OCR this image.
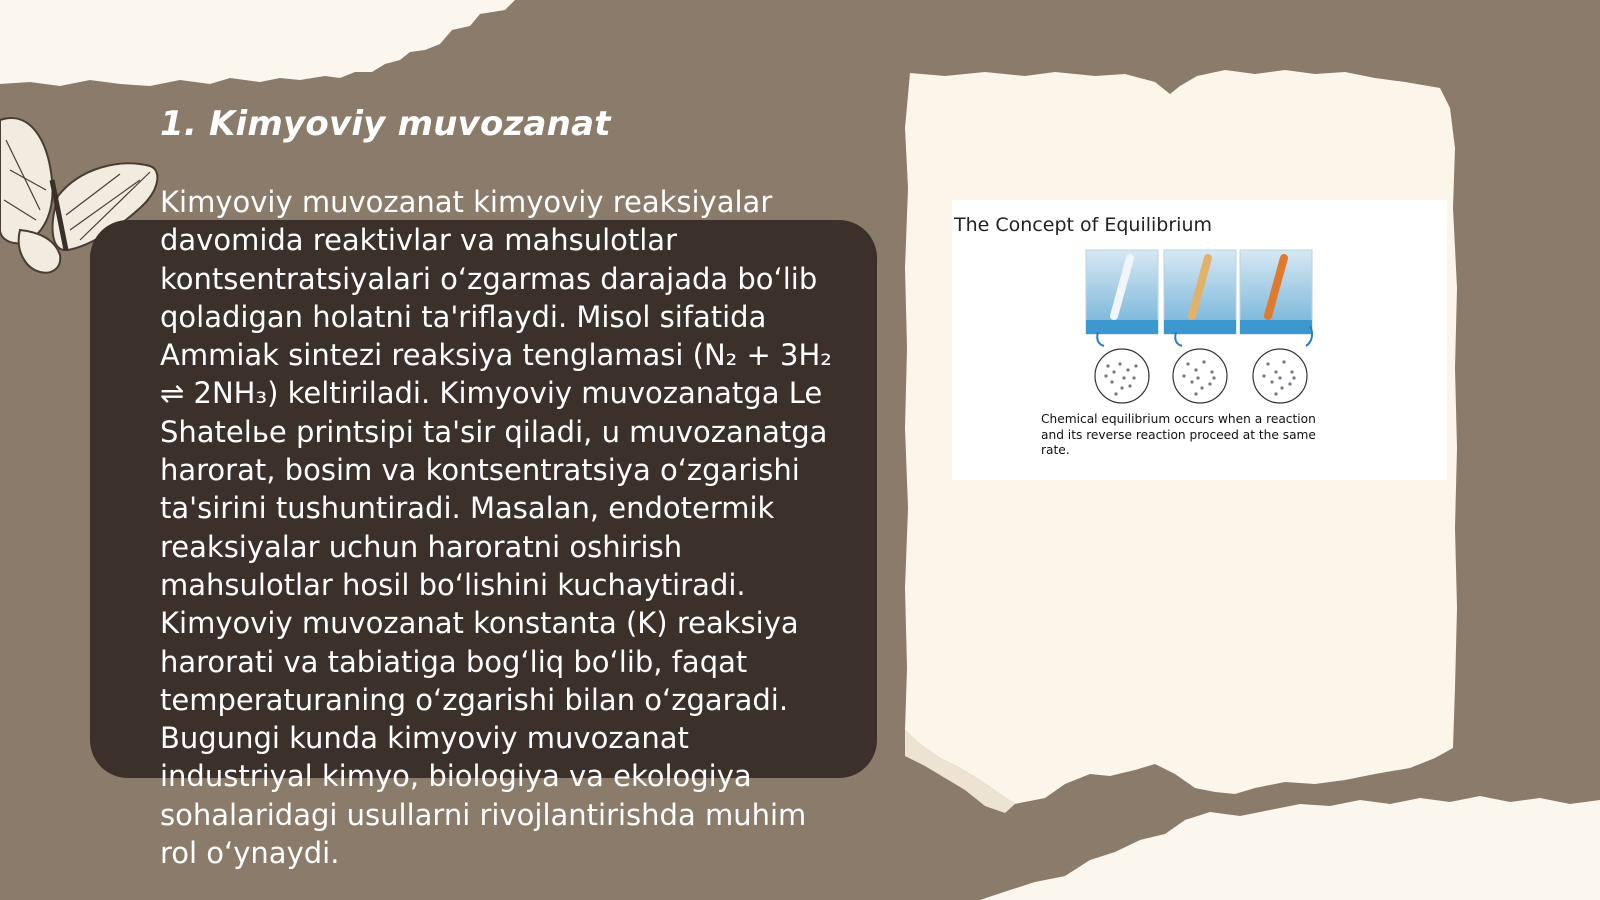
1. Kimyoviy muvozanat

Kimyoviy muvozanat kimyoviy reaksiyalar davomida reaktivlar va mahsulotlar kontsentratsiyalari oʻzgarmas darajada boʻlib qoladigan holatni ta'riflaydi. Misol sifatida Ammiak sintezi reaksiya tenglamasi (N₂ + 3H₂ ⇌ 2NH₃) keltiriladi. Kimyoviy muvozanatga Le Shatelье printsipi ta'sir qiladi, u muvozanatga harorat, bosim va kontsentratsiya oʻzgarishi ta'sirini tushuntiradi. Masalan, endotermik reaksiyalar uchun haroratni oshirish mahsulotlar hosil boʻlishini kuchaytiradi. Kimyoviy muvozanat konstanta (K) reaksiya harorati va tabiatiga bogʻliq boʻlib, faqat temperaturaning oʻzgarishi bilan oʻzgaradi. Bugungi kunda kimyoviy muvozanat industriyal kimyo, biologiya va ekologiya sohalaridagi usullarni rivojlantirishda muhim rol oʻynaydi.

The Concept of Equilibrium
Chemical equilibrium occurs when a reaction and its reverse reaction proceed at the same rate.
